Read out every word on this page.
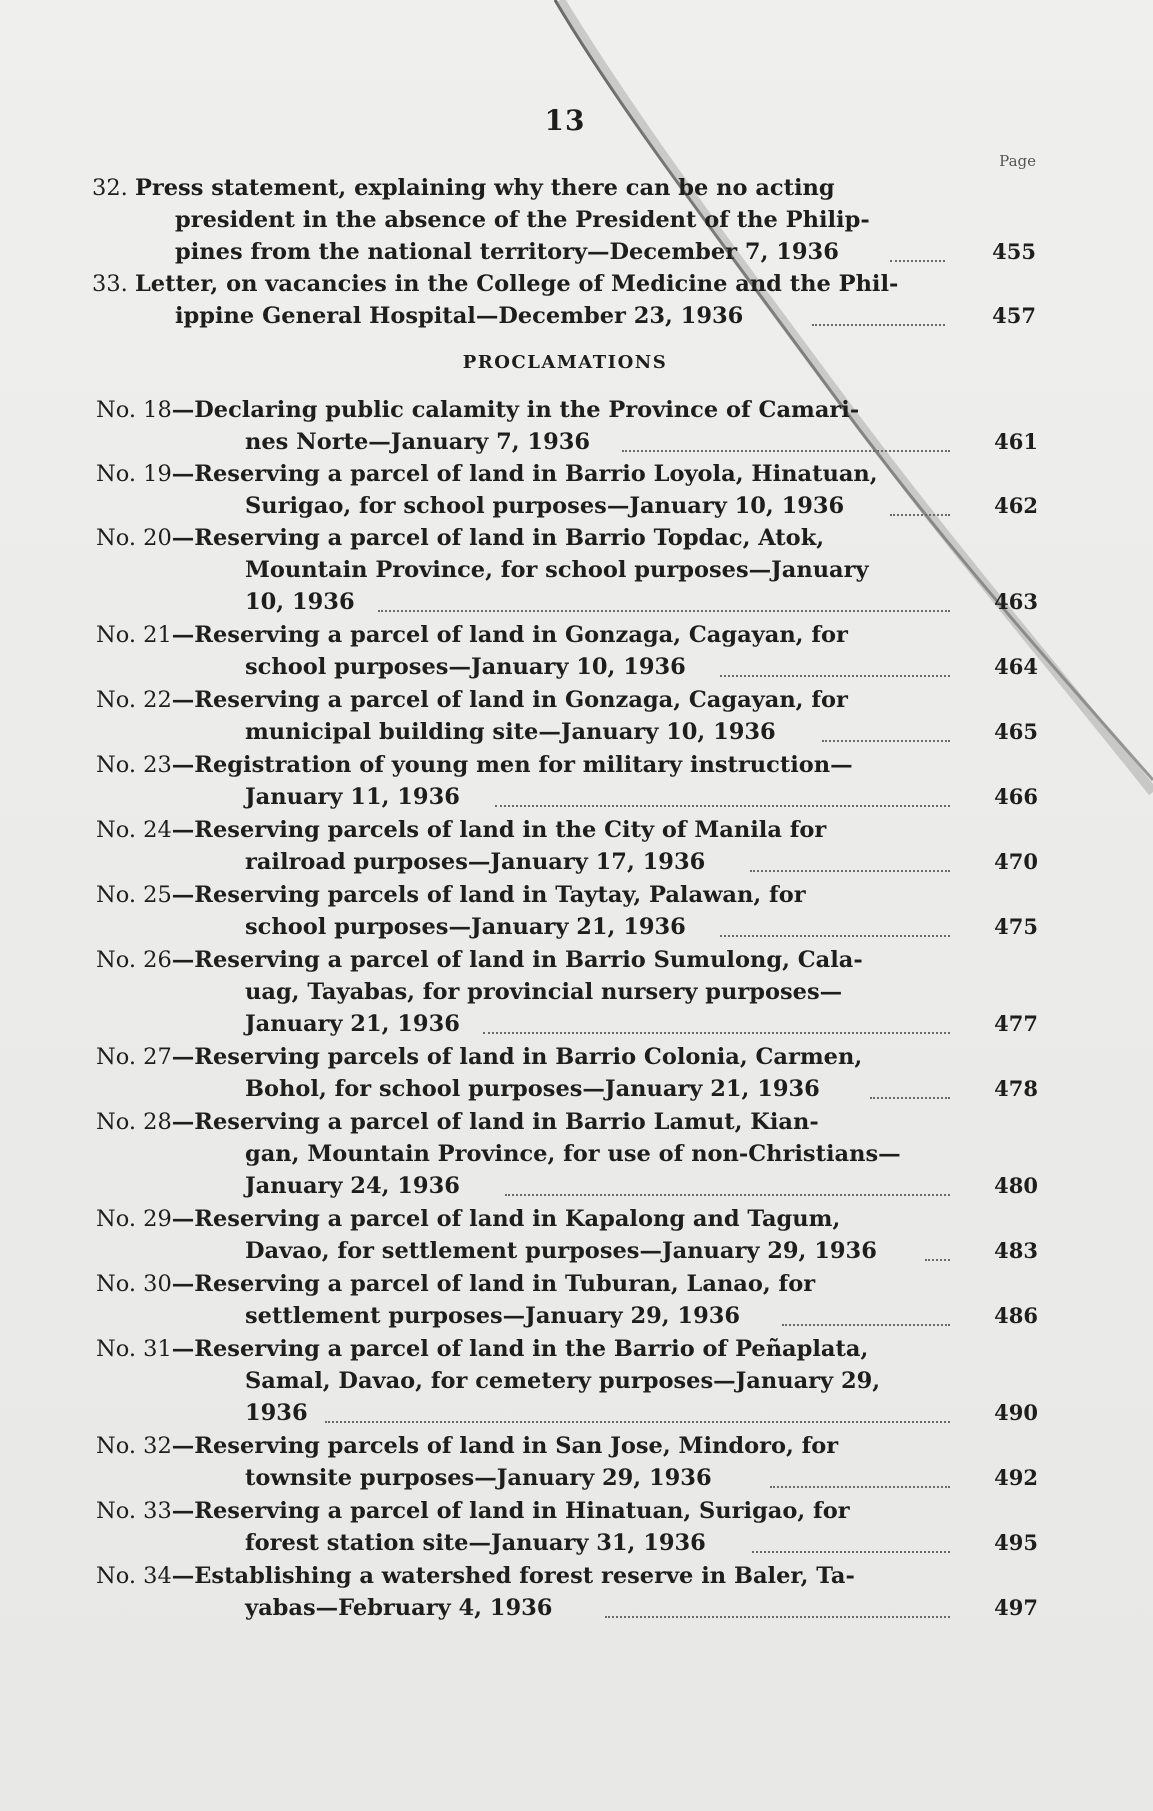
13
Page
32. Press statement, explaining why there can be no acting
president in the absence of the President of the Philip-
pines from the national territory—December 7, 1936	455
33. Letter, on vacancies in the College of Medicine and the Phil-
ippine General Hospital—December 23, 1936	457
PROCLAMATIONS
No. 18—Declaring public calamity in the Province of Camari-
nes Norte—January 7, 1936	461
No. 19—Reserving a parcel of land in Barrio Loyola, Hinatuan,
Surigao, for school purposes—January 10, 1936	462
No. 20—Reserving a parcel of land in Barrio Topdac, Atok,
Mountain Province, for school purposes—January
10, 1936	463
No. 21—Reserving a parcel of land in Gonzaga, Cagayan, for
school purposes—January 10, 1936	464
No. 22—Reserving a parcel of land in Gonzaga, Cagayan, for
municipal building site—January 10, 1936	465
No. 23—Registration of young men for military instruction—
January 11, 1936	466
No. 24—Reserving parcels of land in the City of Manila for
railroad purposes—January 17, 1936	470
No. 25—Reserving parcels of land in Taytay, Palawan, for
school purposes—January 21, 1936	475
No. 26—Reserving a parcel of land in Barrio Sumulong, Cala-
uag, Tayabas, for provincial nursery purposes—
January 21, 1936	477
No. 27—Reserving parcels of land in Barrio Colonia, Carmen,
Bohol, for school purposes—January 21, 1936	478
No. 28—Reserving a parcel of land in Barrio Lamut, Kian-
gan, Mountain Province, for use of non-Christians—
January 24, 1936	480
No. 29—Reserving a parcel of land in Kapalong and Tagum,
Davao, for settlement purposes—January 29, 1936	483
No. 30—Reserving a parcel of land in Tuburan, Lanao, for
settlement purposes—January 29, 1936	486
No. 31—Reserving a parcel of land in the Barrio of Peñaplata,
Samal, Davao, for cemetery purposes—January 29,
1936	490
No. 32—Reserving parcels of land in San Jose, Mindoro, for
townsite purposes—January 29, 1936	492
No. 33—Reserving a parcel of land in Hinatuan, Surigao, for
forest station site—January 31, 1936	495
No. 34—Establishing a watershed forest reserve in Baler, Ta-
yabas—February 4, 1936	497
